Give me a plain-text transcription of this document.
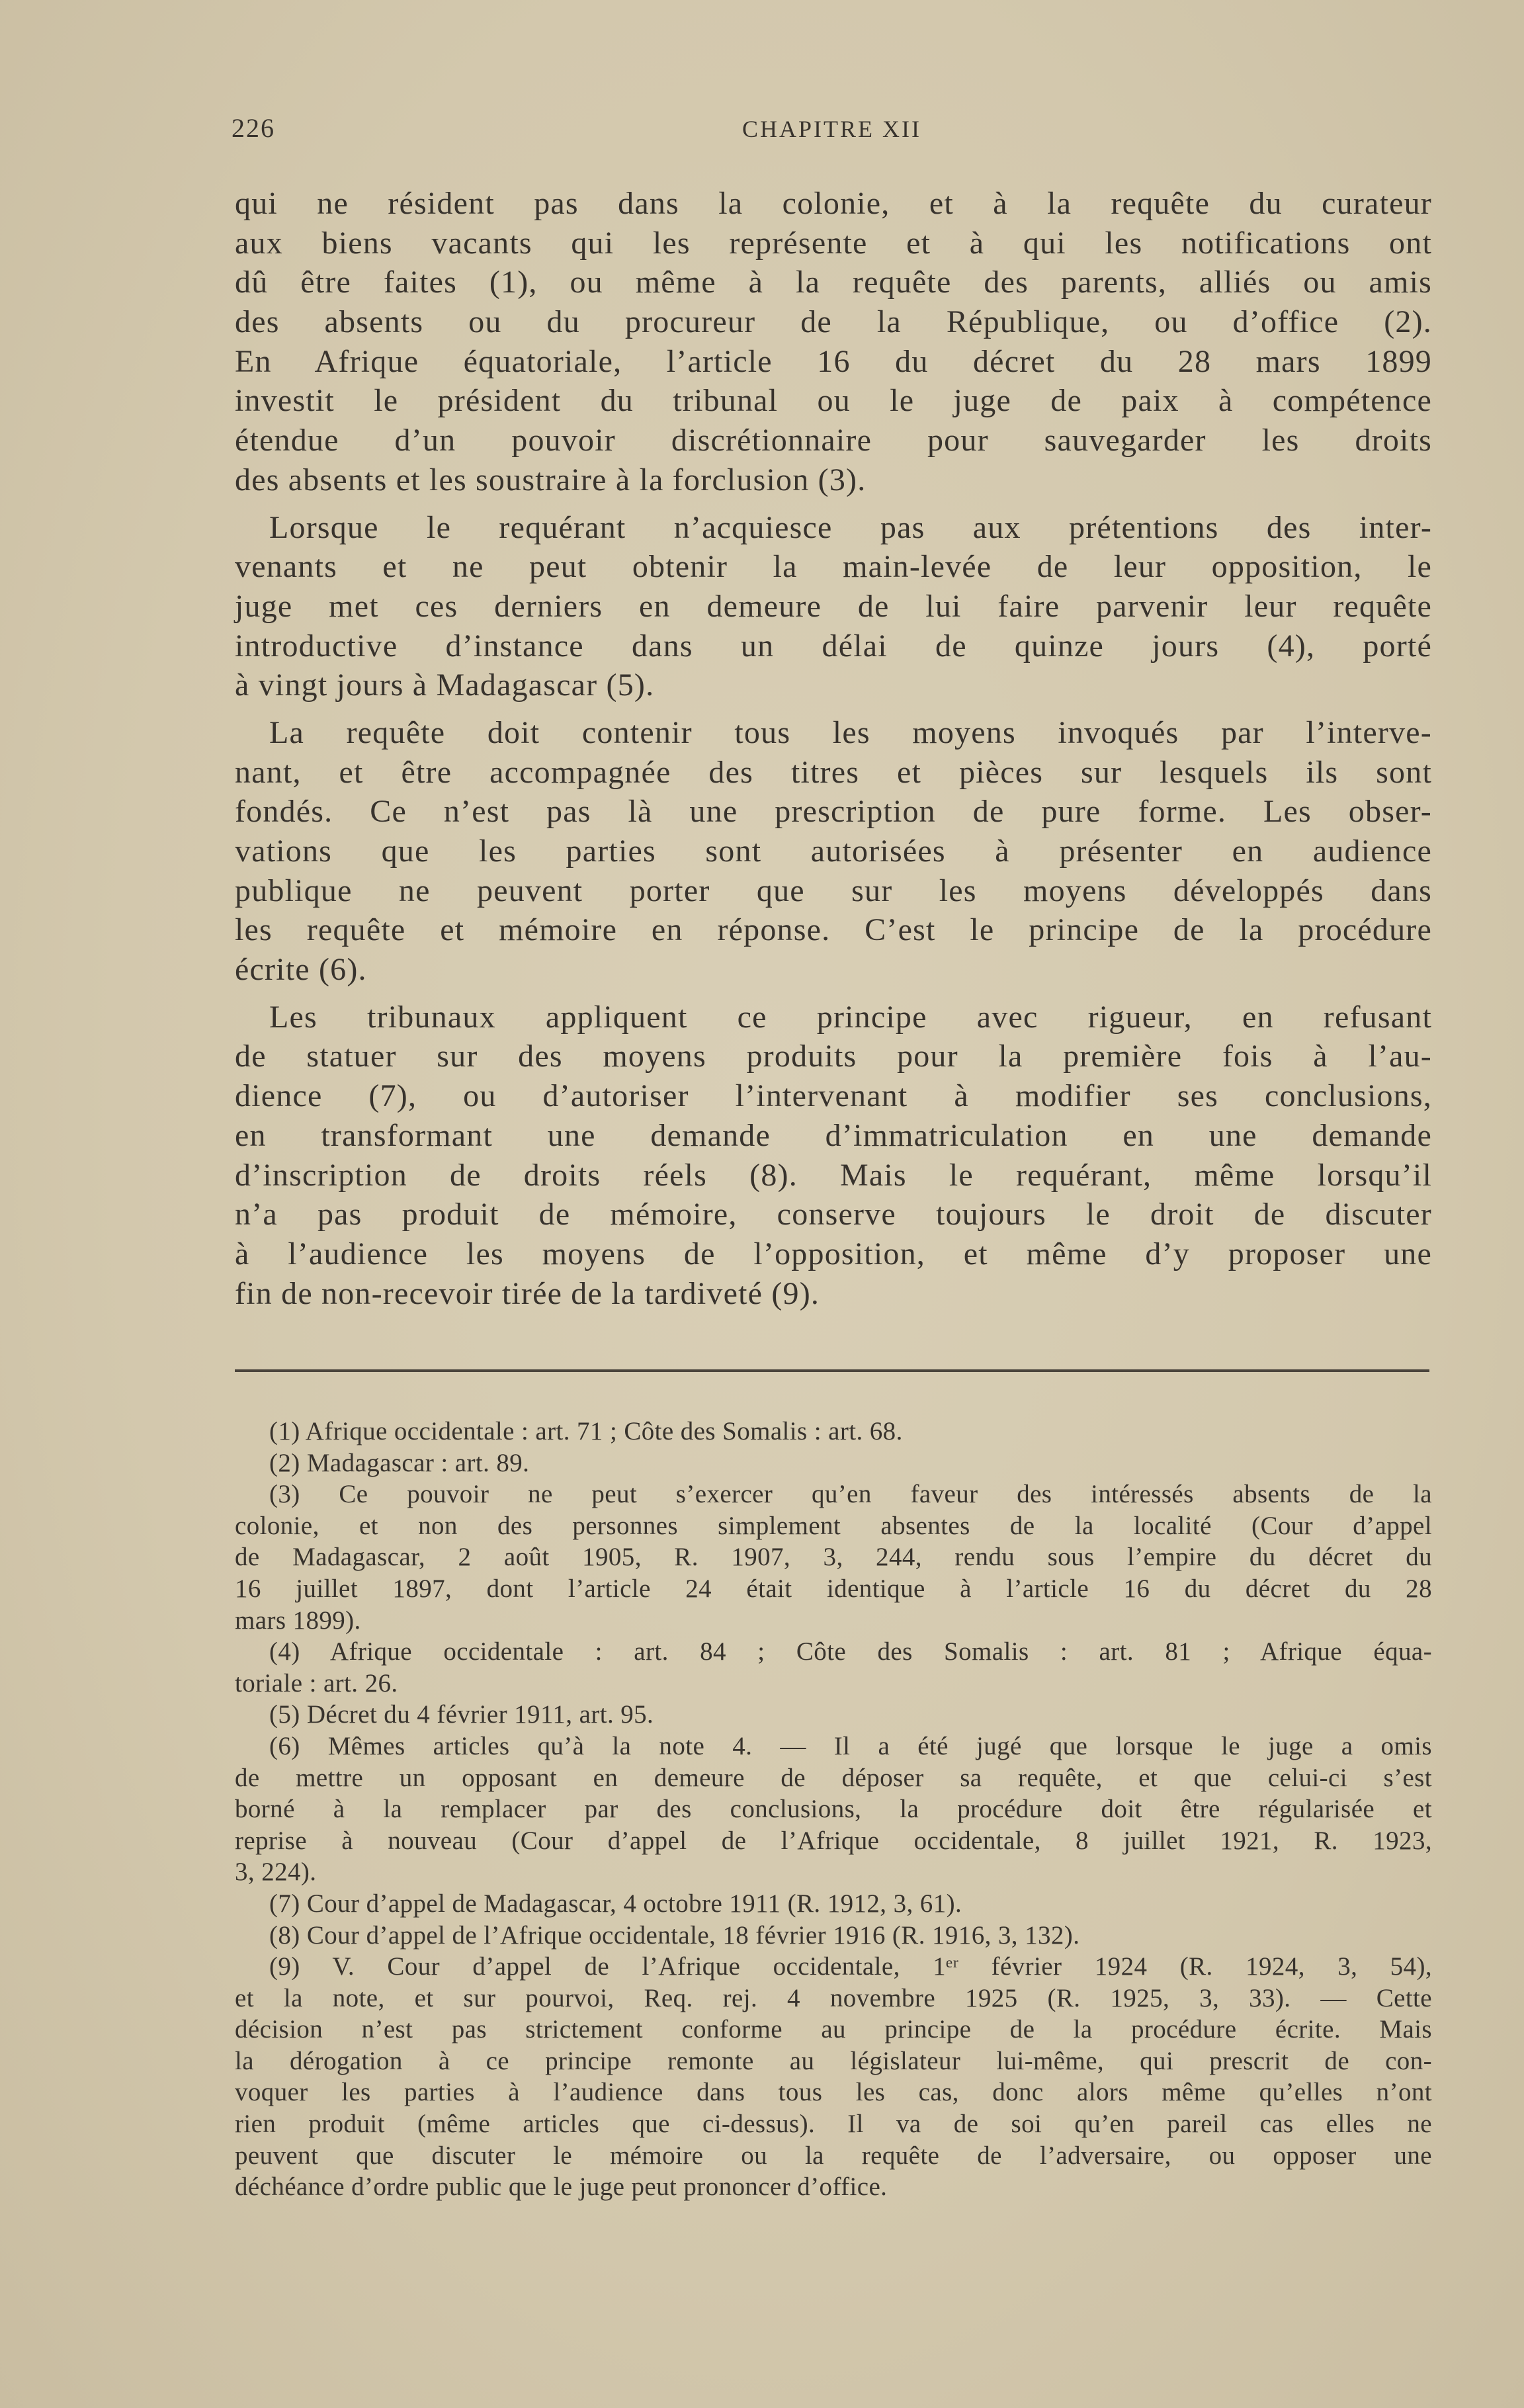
226	CHAPITRE XII
qui ne résident pas dans la colonie, et à la requête du curateur
aux biens vacants qui les représente et à qui les notifications ont
dû être faites (1), ou même à la requête des parents, alliés ou amis
des absents ou du procureur de la République, ou d’office (2).
En Afrique équatoriale, l’article 16 du décret du 28 mars 1899
investit le président du tribunal ou le juge de paix à compétence
étendue d’un pouvoir discrétionnaire pour sauvegarder les droits
des absents et les soustraire à la forclusion (3).
Lorsque le requérant n’acquiesce pas aux prétentions des inter-
venants et ne peut obtenir la main-levée de leur opposition, le
juge met ces derniers en demeure de lui faire parvenir leur requête
introductive d’instance dans un délai de quinze jours (4), porté
à vingt jours à Madagascar (5).
La requête doit contenir tous les moyens invoqués par l’interve-
nant, et être accompagnée des titres et pièces sur lesquels ils sont
fondés. Ce n’est pas là une prescription de pure forme. Les obser-
vations que les parties sont autorisées à présenter en audience
publique ne peuvent porter que sur les moyens développés dans
les requête et mémoire en réponse. C’est le principe de la procédure
écrite (6).
Les tribunaux appliquent ce principe avec rigueur, en refusant
de statuer sur des moyens produits pour la première fois à l’au-
dience (7), ou d’autoriser l’intervenant à modifier ses conclusions,
en transformant une demande d’immatriculation en une demande
d’inscription de droits réels (8). Mais le requérant, même lorsqu’il
n’a pas produit de mémoire, conserve toujours le droit de discuter
à l’audience les moyens de l’opposition, et même d’y proposer une
fin de non-recevoir tirée de la tardiveté (9).
(1) Afrique occidentale : art. 71 ; Côte des Somalis : art. 68.
(2) Madagascar : art. 89.
(3) Ce pouvoir ne peut s’exercer qu’en faveur des intéressés absents de la
colonie, et non des personnes simplement absentes de la localité (Cour d’appel
de Madagascar, 2 août 1905, R. 1907, 3, 244, rendu sous l’empire du décret du
16 juillet 1897, dont l’article 24 était identique à l’article 16 du décret du 28
mars 1899).
(4) Afrique occidentale : art. 84 ; Côte des Somalis : art. 81 ; Afrique équa-
toriale : art. 26.
(5) Décret du 4 février 1911, art. 95.
(6) Mêmes articles qu’à la note 4. — Il a été jugé que lorsque le juge a omis
de mettre un opposant en demeure de déposer sa requête, et que celui-ci s’est
borné à la remplacer par des conclusions, la procédure doit être régularisée et
reprise à nouveau (Cour d’appel de l’Afrique occidentale, 8 juillet 1921, R. 1923,
3, 224).
(7) Cour d’appel de Madagascar, 4 octobre 1911 (R. 1912, 3, 61).
(8) Cour d’appel de l’Afrique occidentale, 18 février 1916 (R. 1916, 3, 132).
(9) V. Cour d’appel de l’Afrique occidentale, 1ᵉʳ février 1924 (R. 1924, 3, 54),
et la note, et sur pourvoi, Req. rej. 4 novembre 1925 (R. 1925, 3, 33). — Cette
décision n’est pas strictement conforme au principe de la procédure écrite. Mais
la dérogation à ce principe remonte au législateur lui-même, qui prescrit de con-
voquer les parties à l’audience dans tous les cas, donc alors même qu’elles n’ont
rien produit (même articles que ci-dessus). Il va de soi qu’en pareil cas elles ne
peuvent que discuter le mémoire ou la requête de l’adversaire, ou opposer une
déchéance d’ordre public que le juge peut prononcer d’office.
